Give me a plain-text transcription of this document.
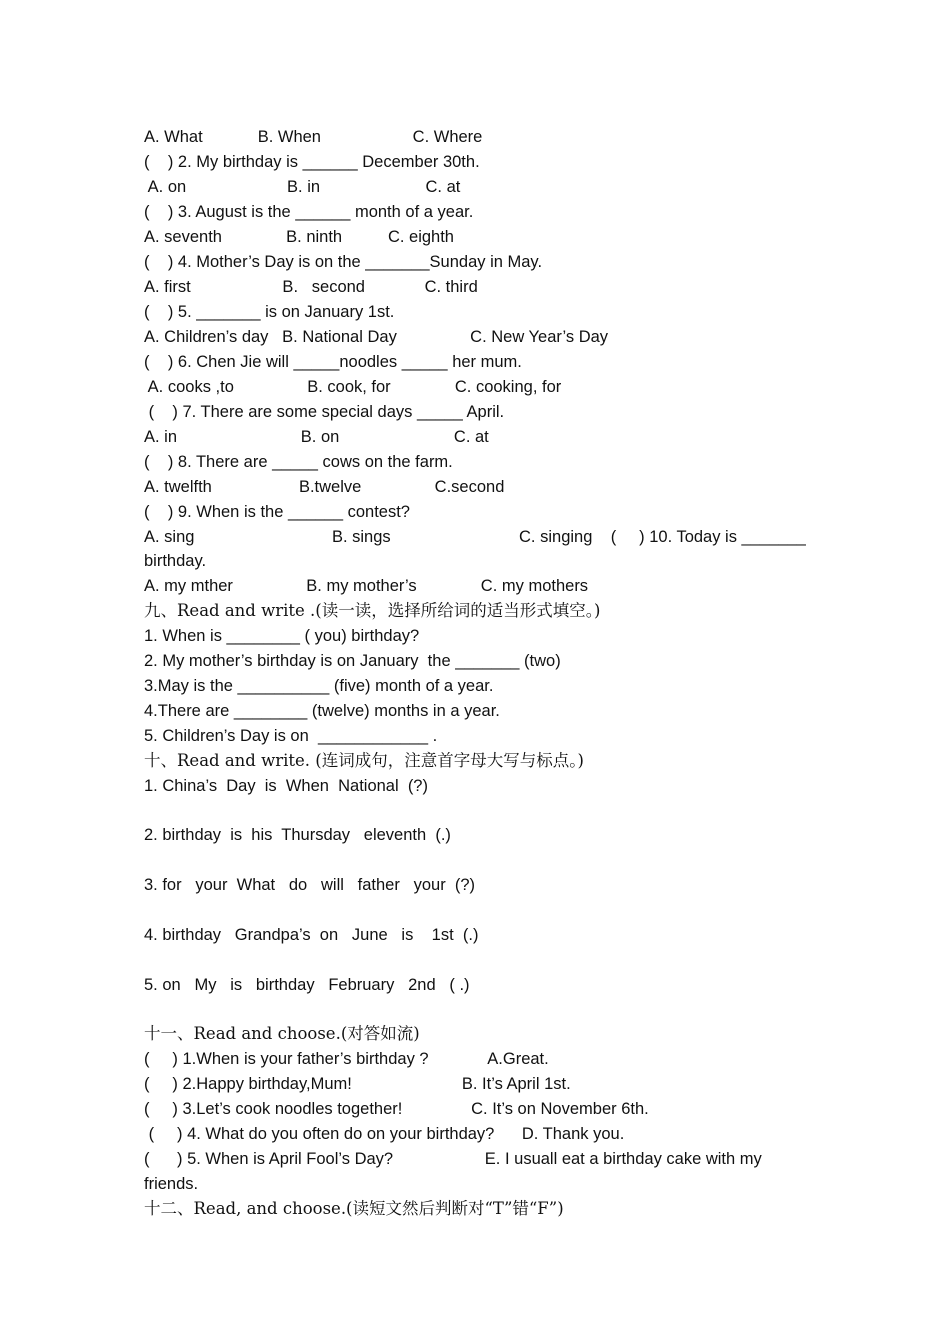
A. What            B. When                    C. Where
(    ) 2. My birthday is ______ December 30th.
A. on                      B. in                       C. at
(    ) 3. August is the ______ month of a year.
A. seventh              B. ninth          C. eighth
(    ) 4. Mother’s Day is on the _______Sunday in May.
A. first                    B.   second             C. third
(    ) 5. _______ is on January 1st.
A. Children’s day   B. National Day                C. New Year’s Day
(    ) 6. Chen Jie will _____noodles _____ her mum.
A. cooks ,to                B. cook, for              C. cooking, for
(    ) 7. There are some special days _____ April.
A. in                           B. on                         C. at
(    ) 8. There are _____ cows on the farm.
A. twelfth                   B.twelve                C.second
(    ) 9. When is the ______ contest?
A. sing                              B. sings                            C. singing    (     ) 10. Today is _______
birthday.
A. my mther                B. my mother’s              C. my mothers
九、Read and write .(读一读，选择所给词的适当形式填空。)
1. When is ________ ( you) birthday?
2. My mother’s birthday is on January  the _______ (two)
3.May is the __________ (five) month of a year.
4.There are ________ (twelve) months in a year.
5. Children’s Day is on  ____________ .
十、Read and write. (连词成句，注意首字母大写与标点。)
1. China’s  Day  is  When  National  (?)
2. birthday  is  his  Thursday   eleventh  (.)
3. for   your  What   do   will   father   your  (?)
4. birthday   Grandpa’s  on   June   is    1st  (.)
5. on   My   is   birthday   February   2nd   ( .)
十一、Read and choose.(对答如流)
(     ) 1.When is your father’s birthday ?             A.Great.
(     ) 2.Happy birthday,Mum!                        B. It’s April 1st.
(     ) 3.Let’s cook noodles together!               C. It’s on November 6th.
(     ) 4. What do you often do on your birthday?      D. Thank you.
(      ) 5. When is April Fool’s Day?                    E. I usuall eat a birthday cake with my
friends.
十二、Read, and choose.(读短文然后判断对“T”错“F”)
